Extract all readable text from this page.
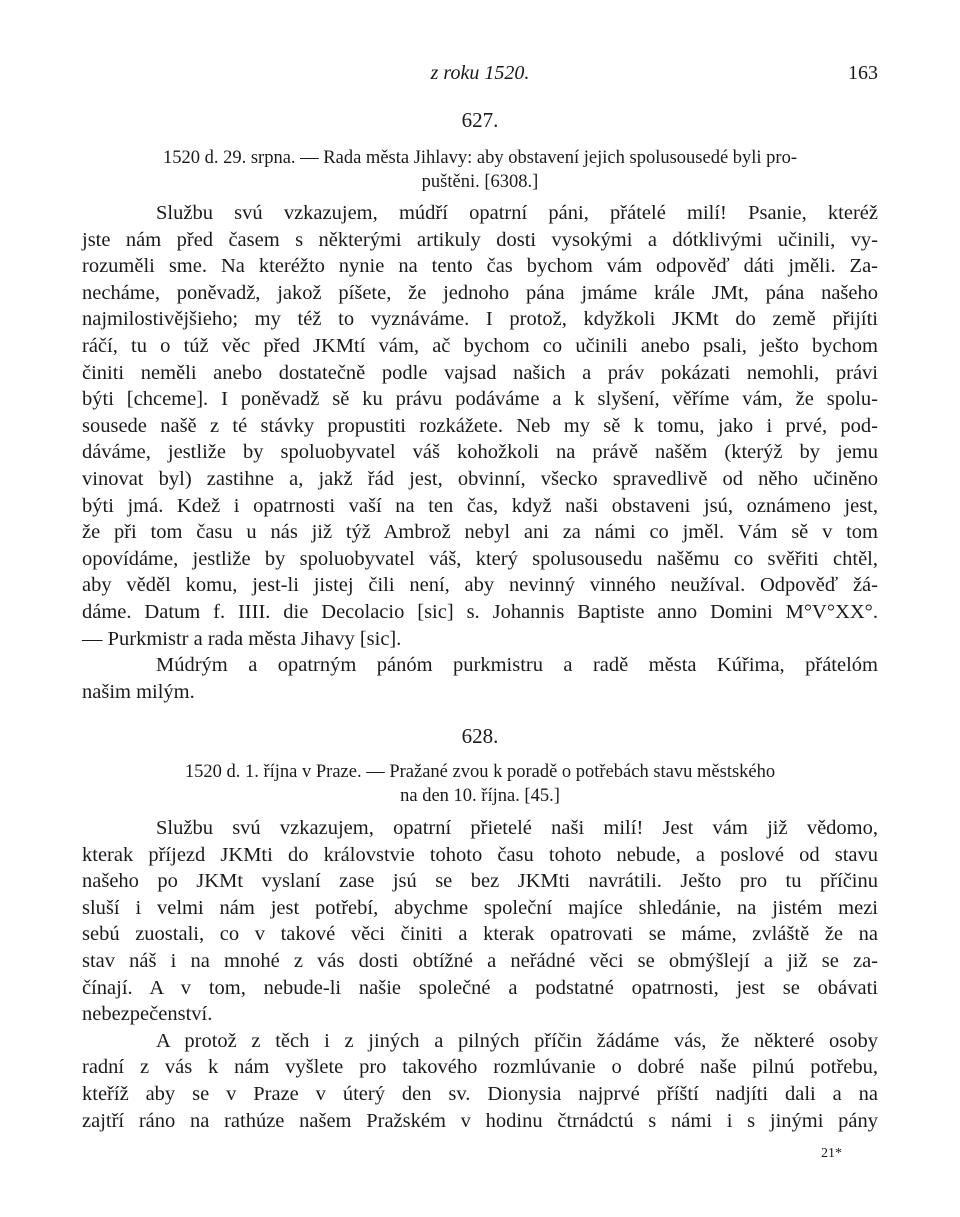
z roku 1520.	163
627.
1520 d. 29. srpna. — Rada města Jihlavy: aby obstavení jejich spolusousedé byli pro-
puštěni. [6308.]
Službu svú vzkazujem, múdří opatrní páni, přátelé milí! Psanie, kteréž
jste nám před časem s některými artikuly dosti vysokými a dótklivými učinili, vy-
rozuměli sme. Na kteréžto nynie na tento čas bychom vám odpověď dáti jměli. Za-
necháme, poněvadž, jakož píšete, že jednoho pána jmáme krále JMt, pána našeho
najmilostivějšieho; my též to vyznáváme. I protož, kdyžkoli JKMt do země přijíti
ráčí, tu o túž věc před JKMtí vám, ač bychom co učinili anebo psali, ješto bychom
činiti neměli anebo dostatečně podle vajsad našich a práv pokázati nemohli, právi
býti [chceme]. I poněvadž sě ku právu podáváme a k slyšení, věříme vám, že spolu-
sousede našě z té stávky propustiti rozkážete. Neb my sě k tomu, jako i prvé, pod-
dáváme, jestliže by spoluobyvatel váš kohožkoli na právě našěm (kterýž by jemu
vinovat byl) zastihne a, jakž řád jest, obvinní, všecko spravedlivě od něho učiněno
býti jmá. Kdež i opatrnosti vaší na ten čas, když naši obstaveni jsú, oznámeno jest,
že při tom času u nás již týž Ambrož nebyl ani za námi co jměl. Vám sě v tom
opovídáme, jestliže by spoluobyvatel váš, který spolusousedu našěmu co svěřiti chtěl,
aby věděl komu, jest-li jistej čili není, aby nevinný vinného neužíval. Odpověď žá-
dáme. Datum f. IIII. die Decolacio [sic] s. Johannis Baptiste anno Domini M°V°XX°.
— Purkmistr a rada města Jihavy [sic].
Múdrým a opatrným pánóm purkmistru a radě města Kúřima, přátelóm
našim milým.
628.
1520 d. 1. října v Praze. — Pražané zvou k poradě o potřebách stavu městského
na den 10. října. [45.]
Službu svú vzkazujem, opatrní přietelé naši milí! Jest vám již vědomo,
kterak příjezd JKMti do královstvie tohoto času tohoto nebude, a poslové od stavu
našeho po JKMt vyslaní zase jsú se bez JKMti navrátili. Ješto pro tu příčinu
sluší i velmi nám jest potřebí, abychme společní majíce shledánie, na jistém mezi
sebú zuostali, co v takové věci činiti a kterak opatrovati se máme, zvláště že na
stav náš i na mnohé z vás dosti obtížné a neřádné věci se obmýšlejí a již se za-
čínají. A v tom, nebude-li našie společné a podstatné opatrnosti, jest se obávati
nebezpečenství.
A protož z těch i z jiných a pilných příčin žádáme vás, že některé osoby
radní z vás k nám vyšlete pro takového rozmlúvanie o dobré naše pilnú potřebu,
kteříž aby se v Praze v úterý den sv. Dionysia najprvé příští nadjíti dali a na
zajtří ráno na rathúze našem Pražském v hodinu čtrnádctú s námi i s jinými pány
21*
